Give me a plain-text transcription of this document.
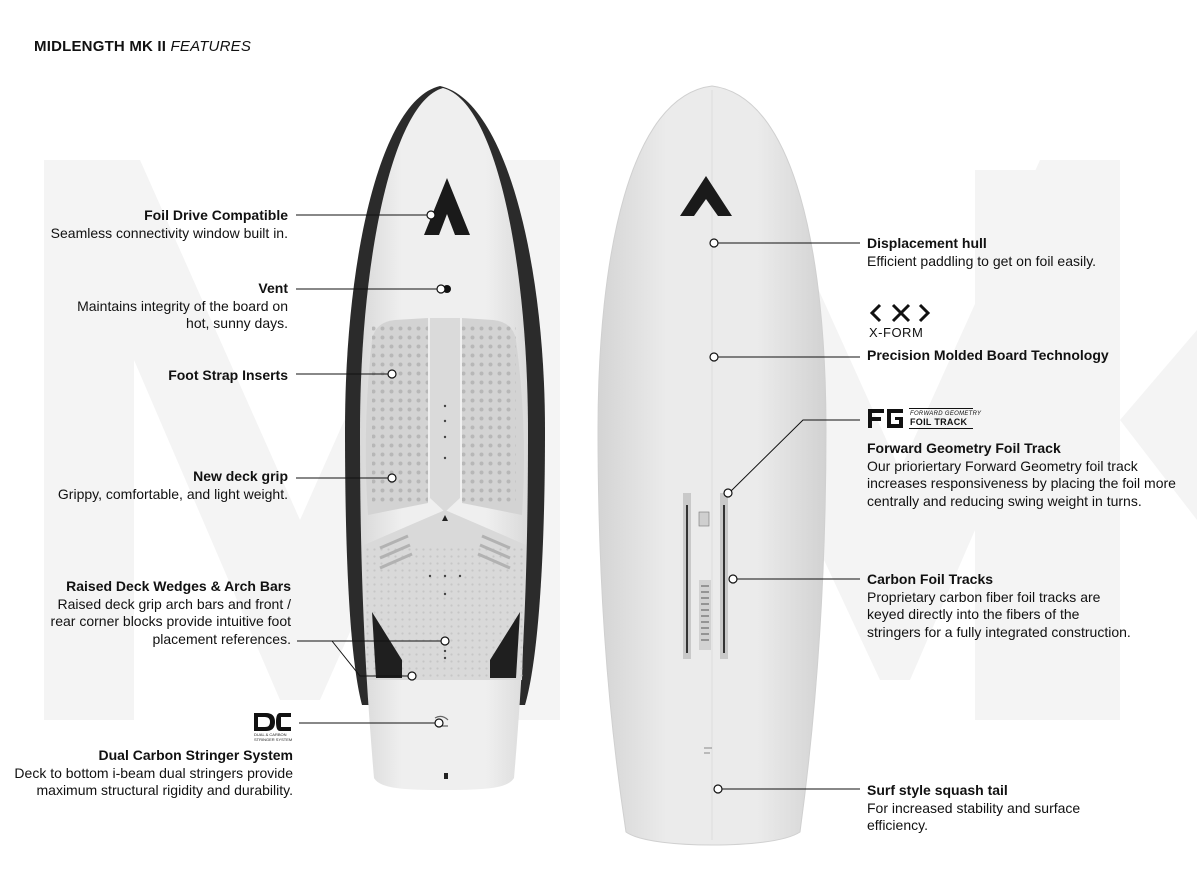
MIDLENGTH MK II FEATURES
Foil Drive Compatible
Seamless connectivity window built in.
Vent
Maintains integrity of the board on
hot, sunny days.
Foot Strap Inserts
New deck grip
Grippy, comfortable, and light weight.
Raised Deck Wedges & Arch Bars
Raised deck grip arch bars and front /
rear corner blocks provide intuitive foot
placement references.
Dual Carbon Stringer System
Deck to bottom i-beam dual stringers provide
maximum structural rigidity and durability.
Displacement hull
Efficient paddling to get on foil easily.
Precision Molded Board Technology
Forward Geometry Foil Track
Our prioriertary Forward Geometry foil track
increases responsiveness by placing the foil more
centrally and reducing swing weight in turns.
Carbon Foil Tracks
Proprietary carbon fiber foil tracks are
keyed directly into the fibers of the
stringers for a fully integrated construction.
Surf style squash tail
For increased stability and surface
efficiency.
X-FORM
FORWARD GEOMETRY
FOIL TRACK
DUAL & CARBON
STRINGER SYSTEM
